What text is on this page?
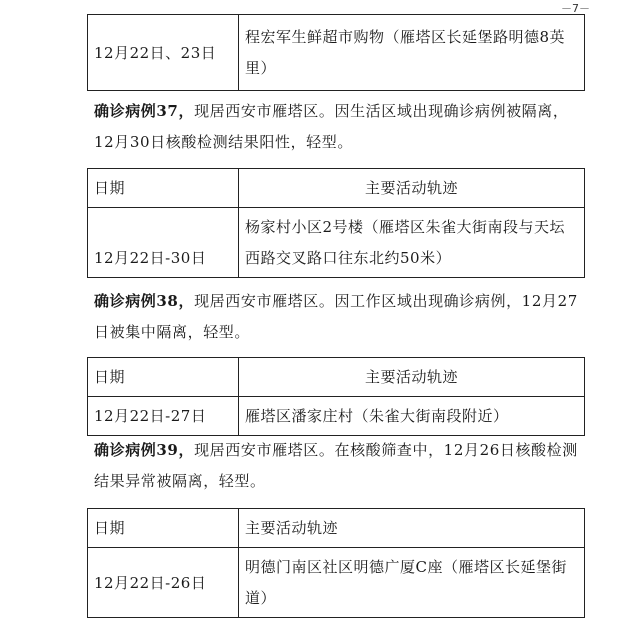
－7－
12月22日、23日	程宏军生鲜超市购物（雁塔区长延堡路明德8英里）
确诊病例37，现居西安市雁塔区。因生活区域出现确诊病例被隔离，12月30日核酸检测结果阳性，轻型。
日期	主要活动轨迹
12月22日-30日	杨家村小区2号楼（雁塔区朱雀大街南段与天坛西路交叉路口往东北约50米）
确诊病例38，现居西安市雁塔区。因工作区域出现确诊病例，12月27日被集中隔离，轻型。
日期	主要活动轨迹
12月22日-27日	雁塔区潘家庄村（朱雀大街南段附近）
确诊病例39，现居西安市雁塔区。在核酸筛查中，12月26日核酸检测结果异常被隔离，轻型。
日期	主要活动轨迹
12月22日-26日	明德门南区社区明德广厦C座（雁塔区长延堡街道）
